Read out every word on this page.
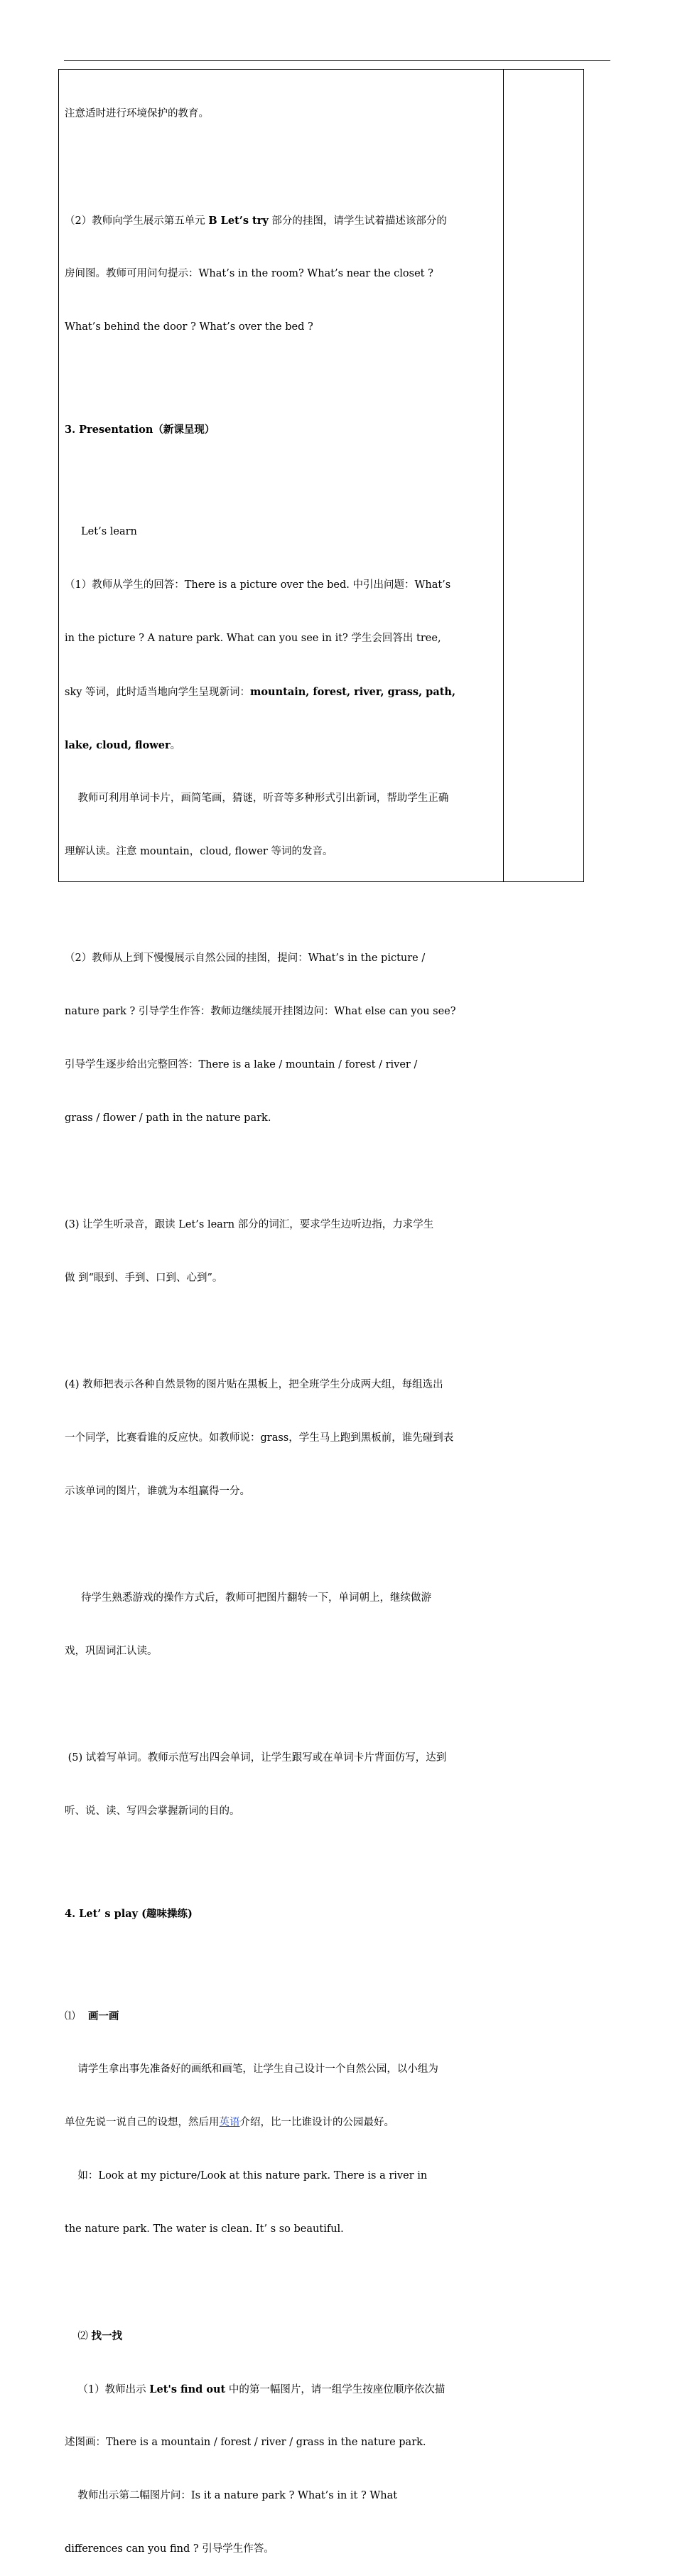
注意适时进行环境保护的教育。

（2）教师向学生展示第五单元 B Let’s try 部分的挂图，请学生试着描述该部分的

房间图。教师可用问句提示：What’s in the room? What’s near the closet ?

What’s behind the door ? What’s over the bed ?

3. Presentation（新课呈现）

Let’s learn

（1）教师从学生的回答：There is a picture over the bed. 中引出问题：What’s

in the picture ? A nature park. What can you see in it? 学生会回答出 tree,

sky 等词，此时适当地向学生呈现新词：mountain, forest, river, grass, path,

lake, cloud, flower。

教师可利用单词卡片，画简笔画，猜谜，听音等多种形式引出新词，帮助学生正确

理解认读。注意 mountain，cloud, flower 等词的发音。

（2）教师从上到下慢慢展示自然公园的挂图，提问：What’s in the picture /

nature park ? 引导学生作答：教师边继续展开挂图边问：What else can you see?

引导学生逐步给出完整回答：There is a lake / mountain / forest / river /

grass / flower / path in the nature park.

(3) 让学生听录音，跟读 Let’s learn 部分的词汇，要求学生边听边指，力求学生

做 到“眼到、手到、口到、心到”。

(4) 教师把表示各种自然景物的图片贴在黑板上，把全班学生分成两大组，每组选出

一个同学，比赛看谁的反应快。如教师说：grass，学生马上跑到黑板前，谁先碰到表

示该单词的图片，谁就为本组赢得一分。

待学生熟悉游戏的操作方式后，教师可把图片翻转一下，单词朝上，继续做游

戏，巩固词汇认读。

(5) 试着写单词。教师示范写出四会单词，让学生跟写或在单词卡片背面仿写，达到

听、说、读、写四会掌握新词的目的。

4. Let’ s play (趣味操练)

⑴    画一画

请学生拿出事先准备好的画纸和画笔，让学生自己设计一个自然公园，以小组为

单位先说一说自己的设想，然后用英语介绍，比一比谁设计的公园最好。

如：Look at my picture/Look at this nature park. There is a river in

the nature park. The water is clean. It’ s so beautiful.

⑵ 找一找

（1）教师出示 Let's find out 中的第一幅图片，请一组学生按座位顺序依次描

述图画：There is a mountain / forest / river / grass in the nature park.

教师出示第二幅图片问：Is it a nature park ? What’s in it ? What

differences can you find ? 引导学生作答。
